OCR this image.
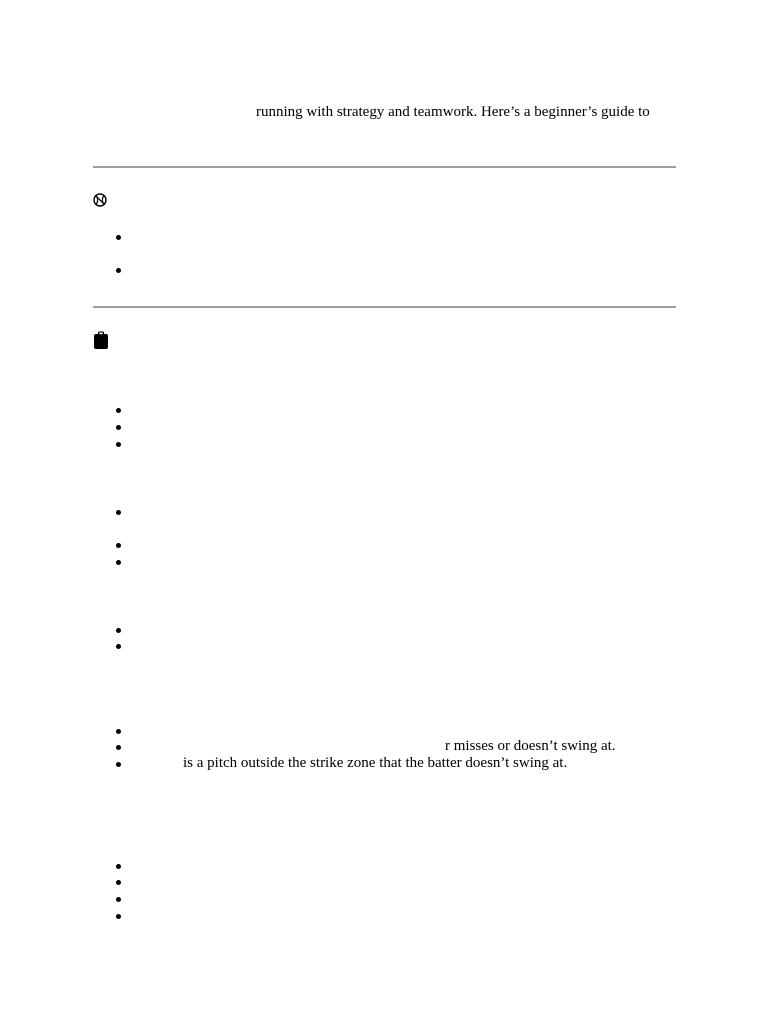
running with strategy and teamwork. Here’s a beginner’s guide to
r misses or doesn’t swing at.
is a pitch outside the strike zone that the batter doesn’t swing at.
